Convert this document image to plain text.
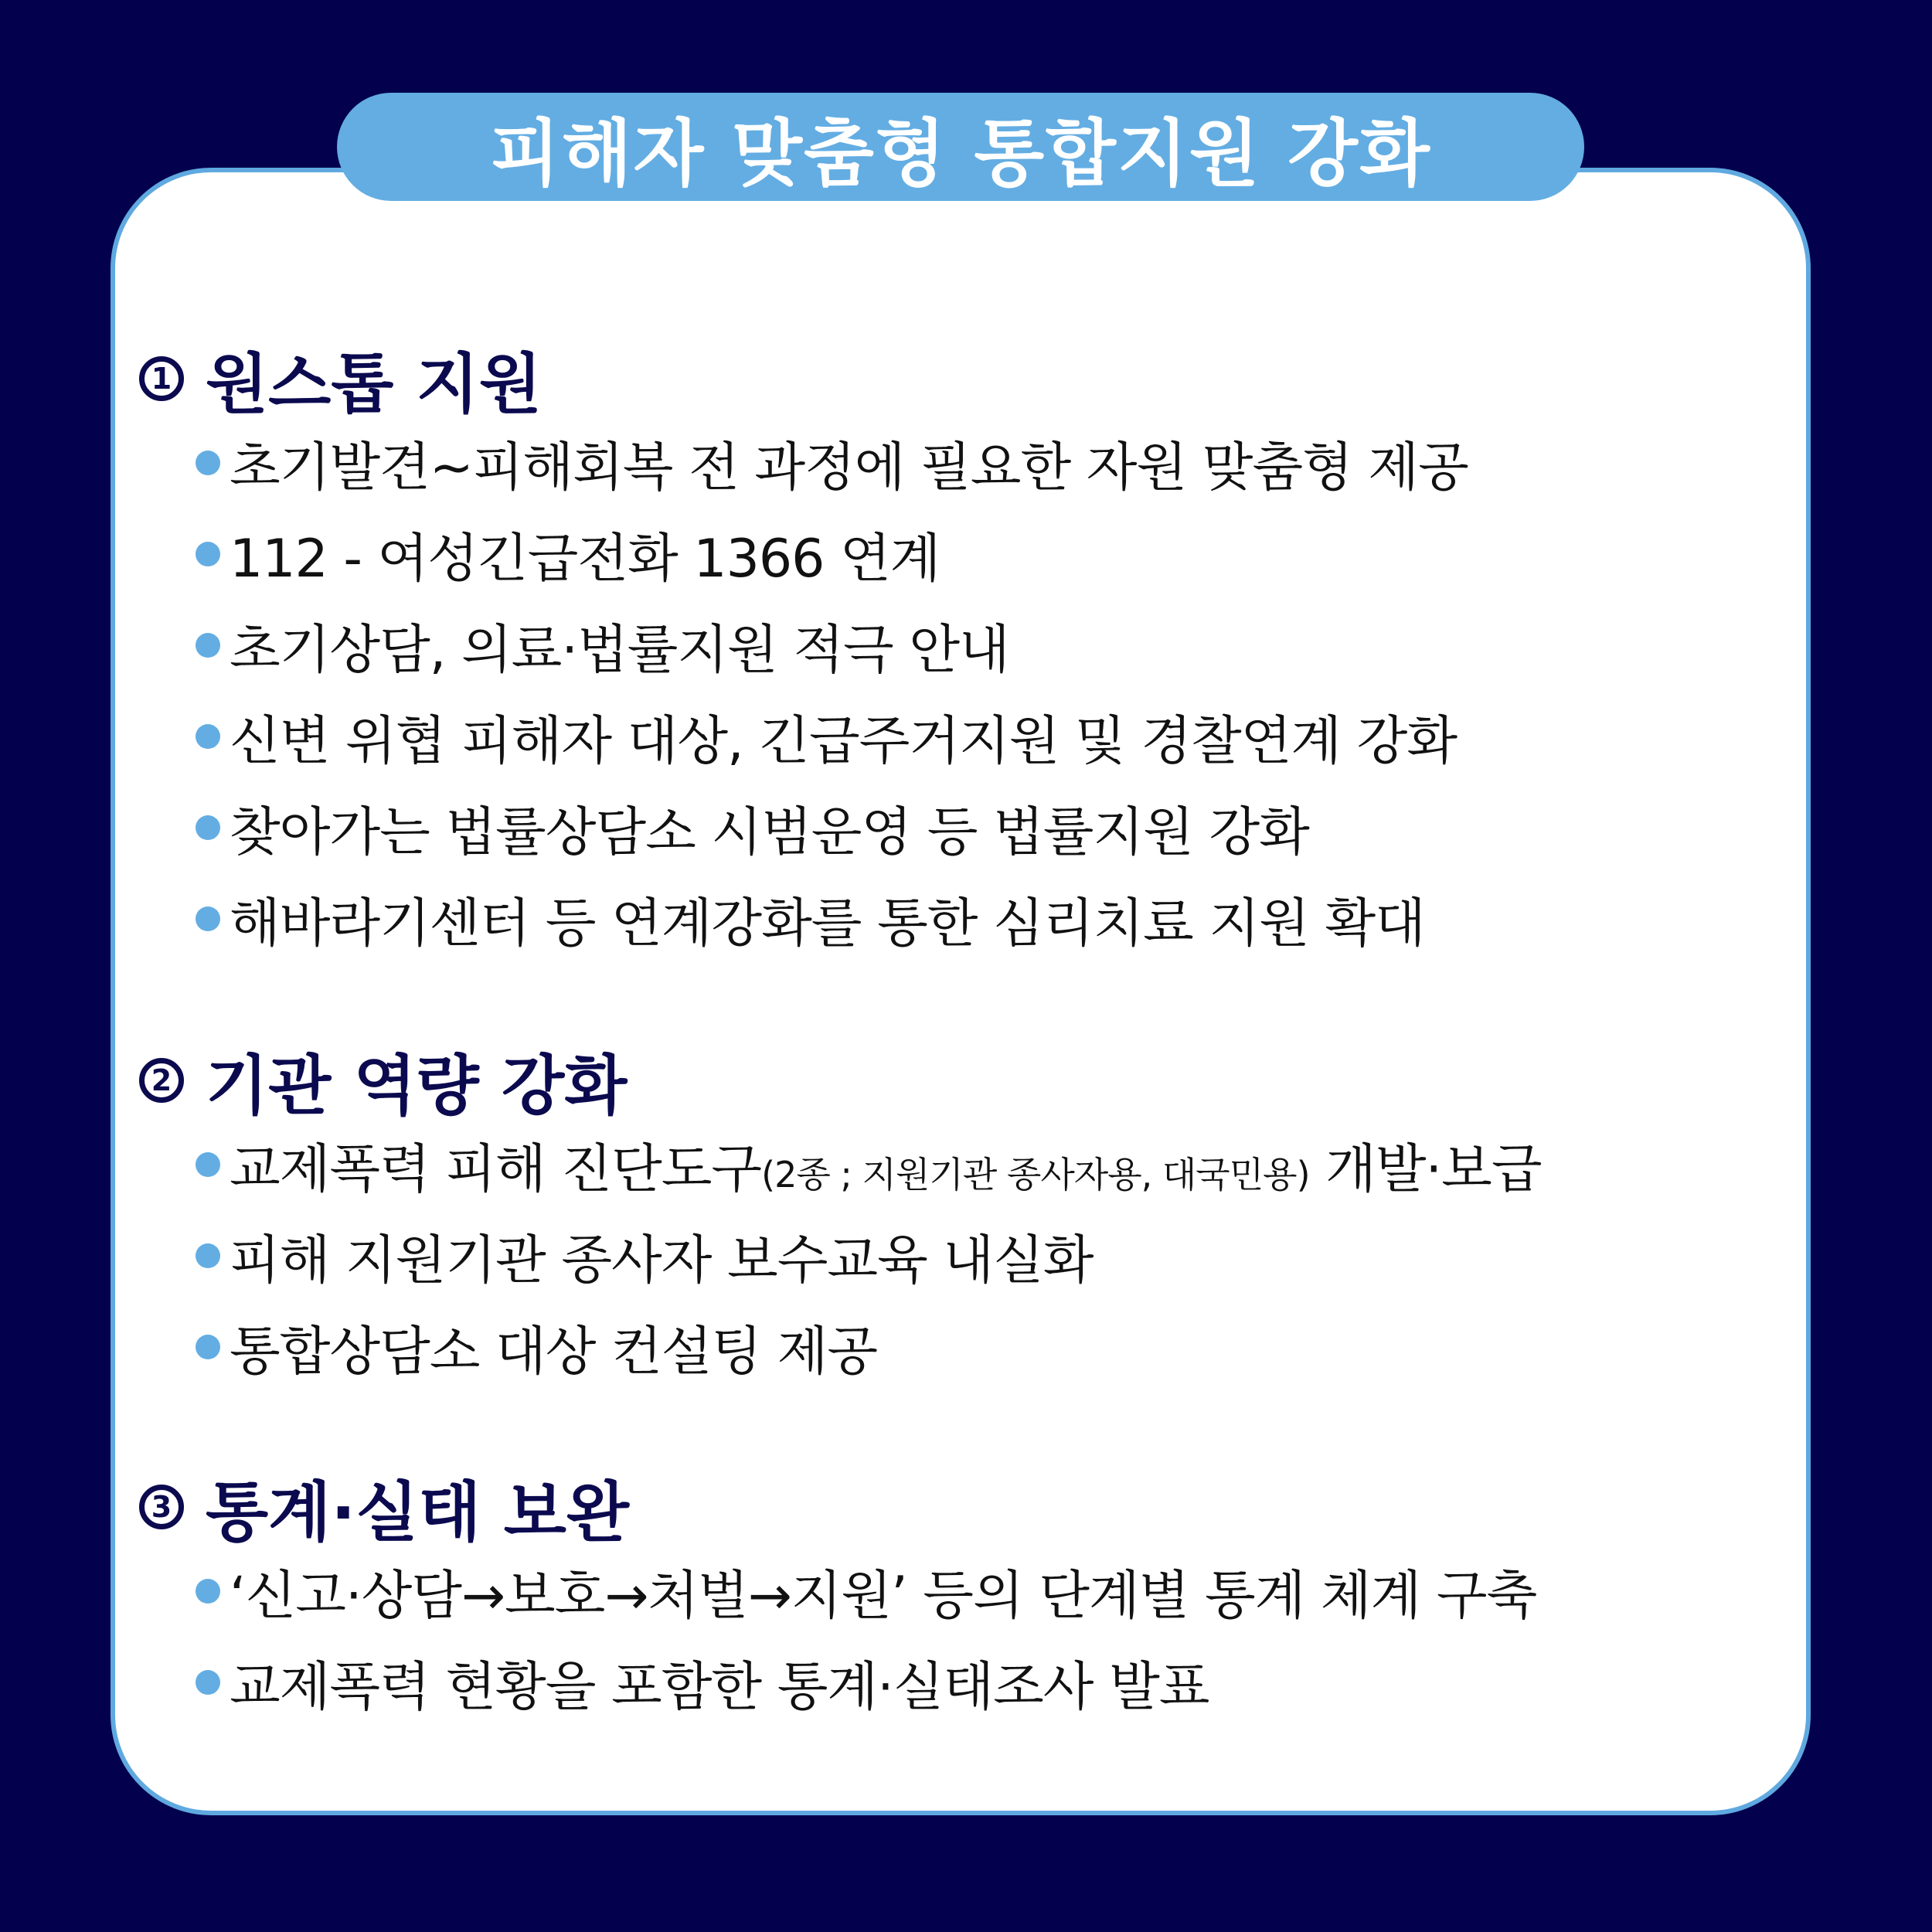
피해자 맞춤형 통합지원 강화
1 원스톱 지원
초기발견~피해회복 전 과정에 필요한 자원 맞춤형 제공
112 - 여성긴급전화 1366 연계
초기상담, 의료·법률지원 적극 안내
신변 위협 피해자 대상, 긴급주거지원 및 경찰연계 강화
찾아가는 법률상담소 시범운영 등 법률지원 강화
해바라기센터 등 연계강화를 통한 심리치료 지원 확대
2 기관 역량 강화
교제폭력 피해 진단도구(2종 ; 지원기관 종사자용, 대국민용) 개발·보급
피해 지원기관 종사자 보수교육 내실화
통합상담소 대상 컨설팅 제공
3 통계·실태 보완
‘신고·상담→보호→처벌→지원’ 등의 단계별 통계 체계 구축
교제폭력 현황을 포함한 통계·실태조사 발표
